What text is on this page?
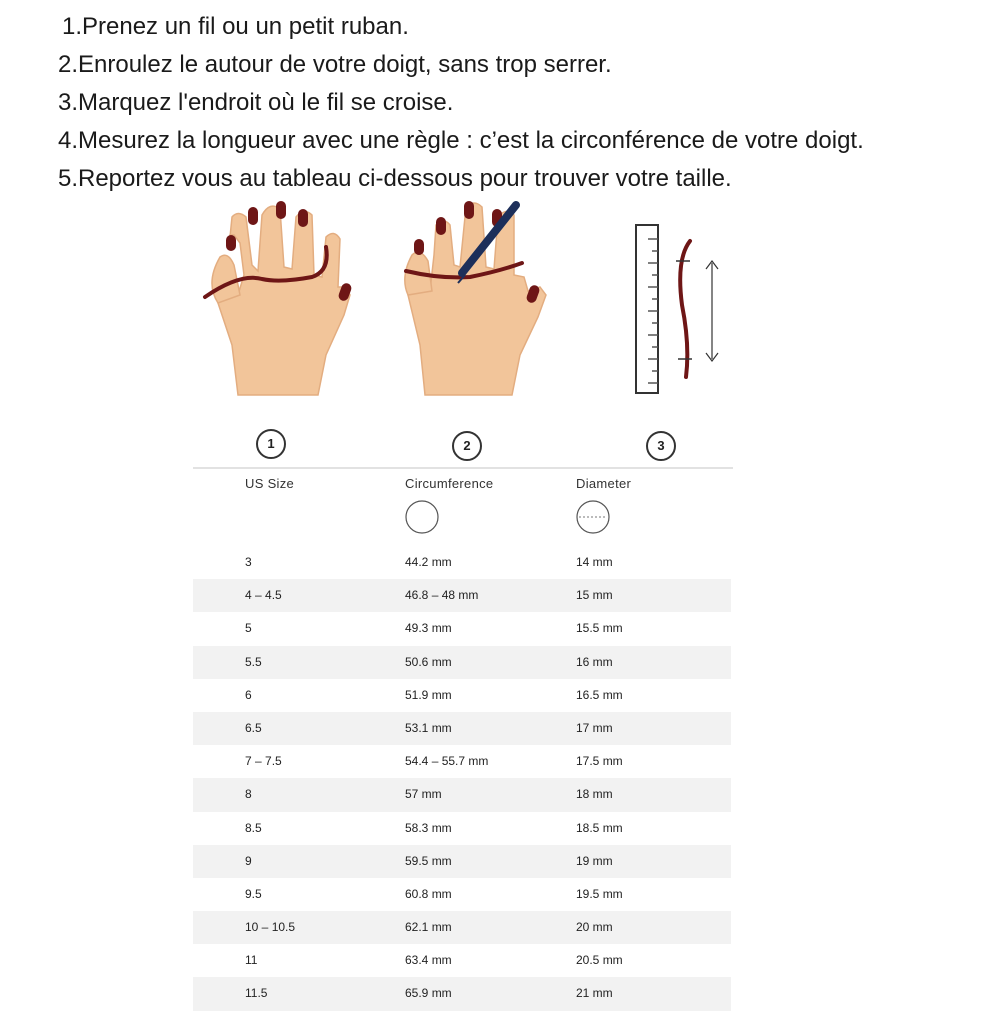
1. Prenez un fil ou un petit ruban.
2. Enroulez le autour de votre doigt, sans trop serrer.
3. Marquez l'endroit où le fil se croise.
4. Mesurez la longueur avec une règle : c’est la circonférence de votre doigt.
5. Reportez vous au tableau ci-dessous pour trouver votre taille.
1	2	3
US Size	Circumference	Diameter
3	44.2 mm	14 mm
4 – 4.5	46.8 – 48 mm	15 mm
5	49.3 mm	15.5 mm
5.5	50.6 mm	16 mm
6	51.9 mm	16.5 mm
6.5	53.1 mm	17 mm
7 – 7.5	54.4 – 55.7 mm	17.5 mm
8	57 mm	18 mm
8.5	58.3 mm	18.5 mm
9	59.5 mm	19 mm
9.5	60.8 mm	19.5 mm
10 – 10.5	62.1 mm	20 mm
11	63.4 mm	20.5 mm
11.5	65.9 mm	21 mm
